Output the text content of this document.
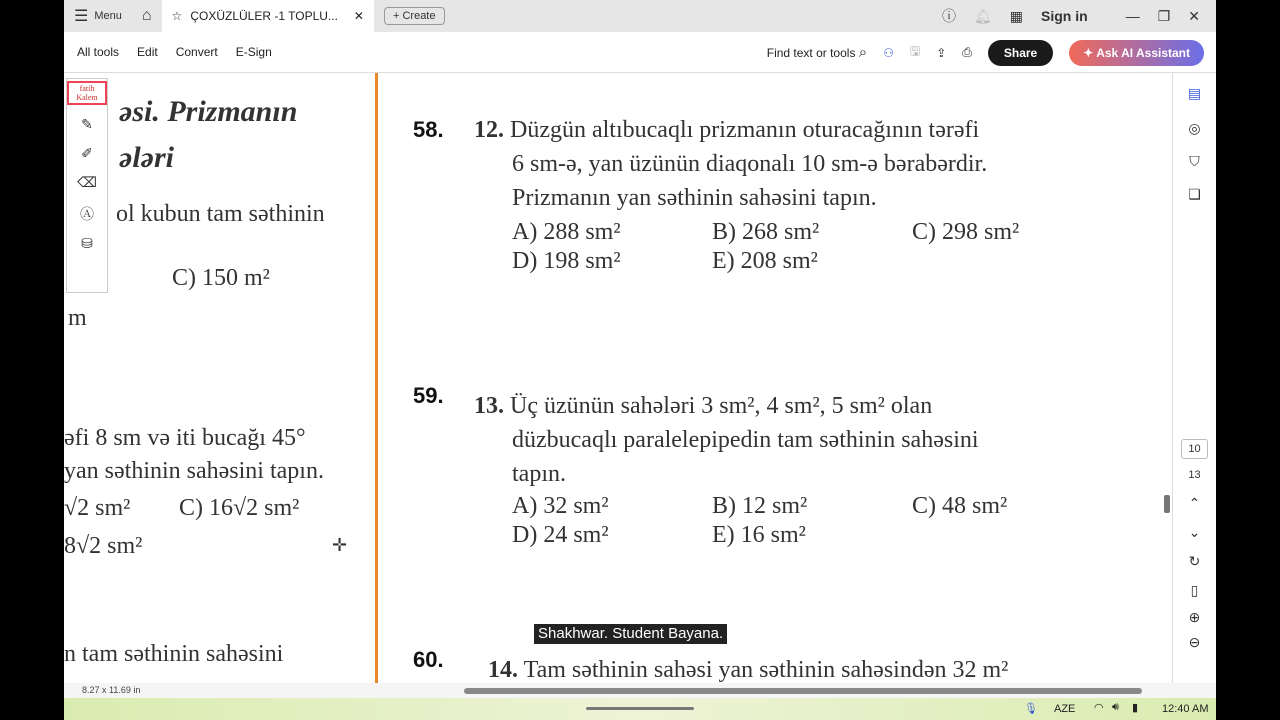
☰ Menu ⌂ ☆ ÇOXÜZLÜLER -1 TOPLU... ✕	+ Create	ⓘ 🔔︎ ▦ Sign in	— ❐ ✕
All tools Edit Convert E-Sign	Find text or tools ⌕ ⚇ 🖫 ⇪ ⎙	Share	✦ Ask AI Assistant
əsi. Prizmanın
ələri
ol kubun tam səthinin
C) 150 m²
m
əfi 8 sm və iti bucağı 45°
yan səthinin sahəsini tapın.
√2 sm² C) 16√2 sm²
8√2 sm²
n tam səthinin sahəsini
✛
fatih Kalem
✎
✐
⌫
Ⓐ
⛁
58. 12. Düzgün altıbucaqlı prizmanın oturacağının tərəfi
6 sm-ə, yan üzünün diaqonalı 10 sm-ə bərabərdir.
Prizmanın yan səthinin sahəsini tapın.
A) 288 sm²	B) 268 sm²	C) 298 sm²
D) 198 sm²	E) 208 sm²
59. 13. Üç üzünün sahələri 3 sm², 4 sm², 5 sm² olan
düzbucaqlı paralelepipedin tam səthinin sahəsini
tapın.
A) 32 sm²	B) 12 sm²	C) 48 sm²
D) 24 sm²	E) 16 sm²
60. 14. Tam səthinin sahəsi yan səthinin sahəsindən 32 m²
▤
◎
⛉
❏
10
13
⌃
⌄
↻
▯
⊕
⊖
8.27 x 11.69 in
Shakhwar. Student Bayana.
🎙︎ AZE ◠ 🔊︎ ▮ 12:40 AM
